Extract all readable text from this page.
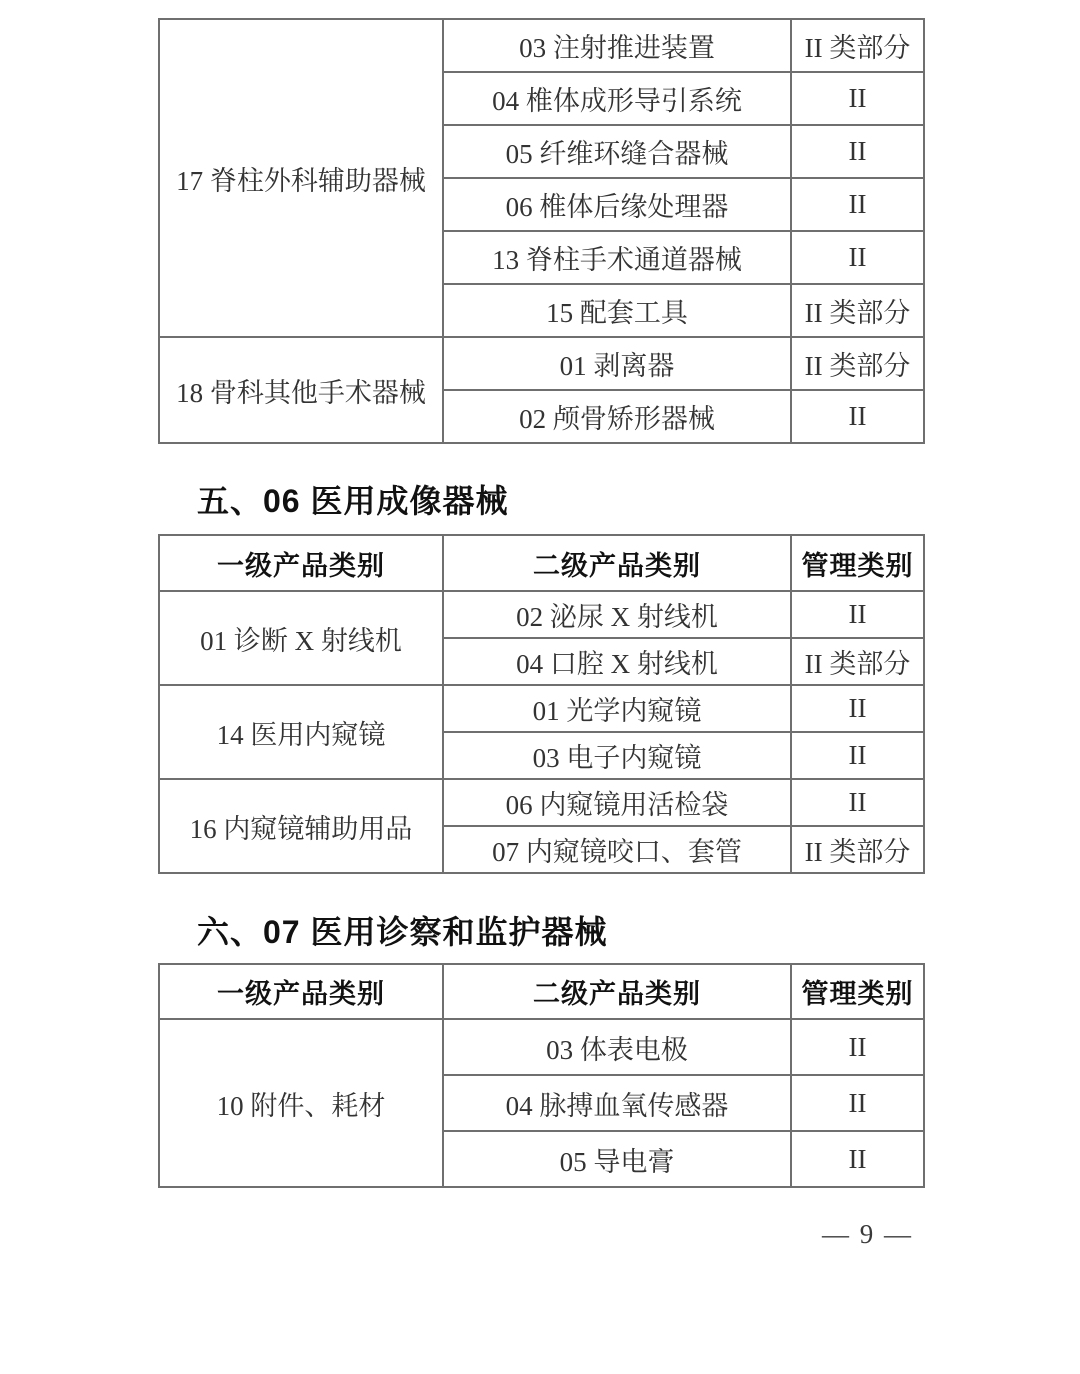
17 脊柱外科辅助器械	03 注射推进装置	II 类部分
	04 椎体成形导引系统	II
	05 纤维环缝合器械	II
	06 椎体后缘处理器	II
	13 脊柱手术通道器械	II
	15 配套工具	II 类部分
18 骨科其他手术器械	01 剥离器	II 类部分
	02 颅骨矫形器械	II
五、06 医用成像器械
一级产品类别	二级产品类别	管理类别
01 诊断 X 射线机	02 泌尿 X 射线机	II
	04 口腔 X 射线机	II 类部分
14 医用内窥镜	01 光学内窥镜	II
	03 电子内窥镜	II
16 内窥镜辅助用品	06 内窥镜用活检袋	II
	07 内窥镜咬口、套管	II 类部分
六、07 医用诊察和监护器械
一级产品类别	二级产品类别	管理类别
10 附件、耗材	03 体表电极	II
	04 脉搏血氧传感器	II
	05 导电膏	II
— 9 —
